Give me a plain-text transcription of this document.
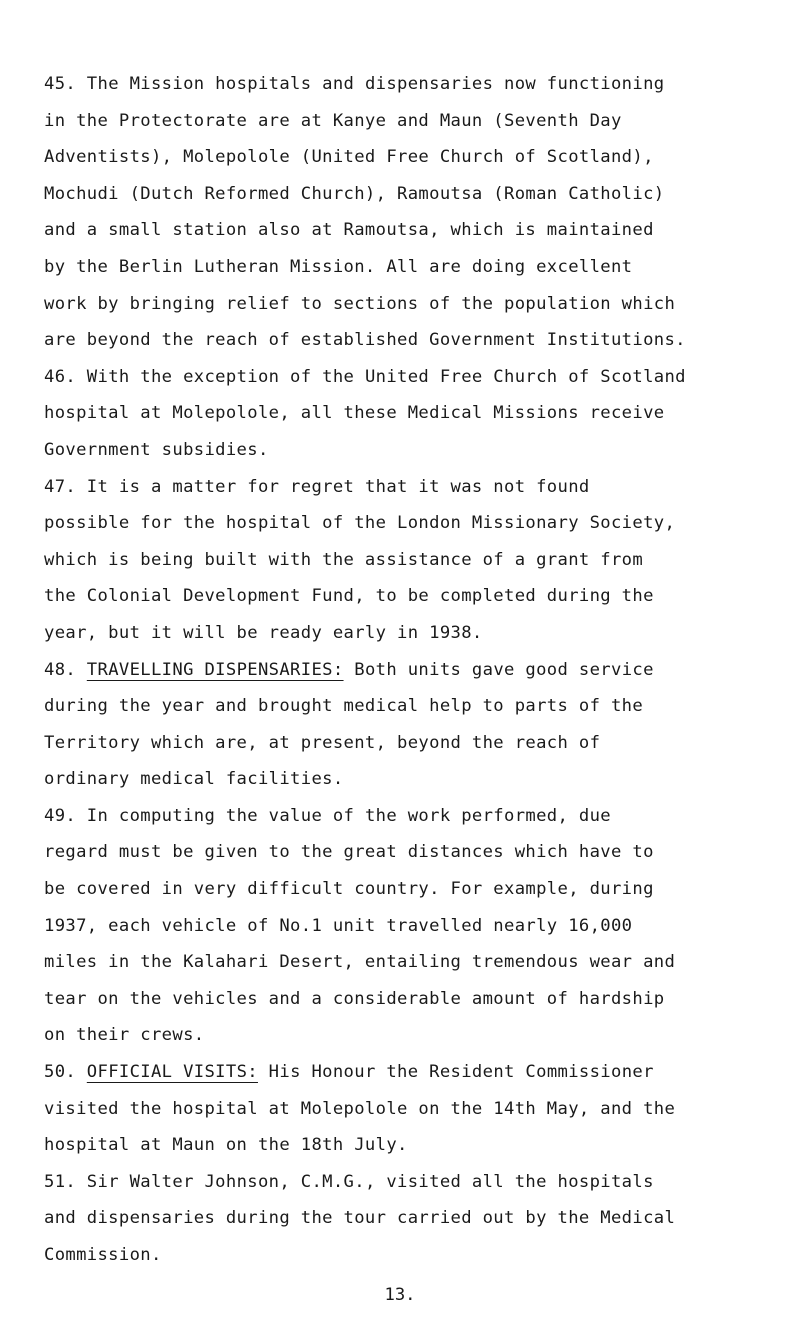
45. The Mission hospitals and dispensaries now functioning
in the Protectorate are at Kanye and Maun (Seventh Day
Adventists), Molepolole (United Free Church of Scotland),
Mochudi (Dutch Reformed Church), Ramoutsa (Roman Catholic)
and a small station also at Ramoutsa, which is maintained
by the Berlin Lutheran Mission. All are doing excellent
work by bringing relief to sections of the population which
are beyond the reach of established Government Institutions.
46. With the exception of the United Free Church of Scotland
hospital at Molepolole, all these Medical Missions receive
Government subsidies.
47. It is a matter for regret that it was not found
possible for the hospital of the London Missionary Society,
which is being built with the assistance of a grant from
the Colonial Development Fund, to be completed during the
year, but it will be ready early in 1938.
48. TRAVELLING DISPENSARIES: Both units gave good service
during the year and brought medical help to parts of the
Territory which are, at present, beyond the reach of
ordinary medical facilities.
49. In computing the value of the work performed, due
regard must be given to the great distances which have to
be covered in very difficult country. For example, during
1937, each vehicle of No.1 unit travelled nearly 16,000
miles in the Kalahari Desert, entailing tremendous wear and
tear on the vehicles and a considerable amount of hardship
on their crews.
50. OFFICIAL VISITS: His Honour the Resident Commissioner
visited the hospital at Molepolole on the 14th May, and the
hospital at Maun on the 18th July.
51. Sir Walter Johnson, C.M.G., visited all the hospitals
and dispensaries during the tour carried out by the Medical
Commission.
13.
